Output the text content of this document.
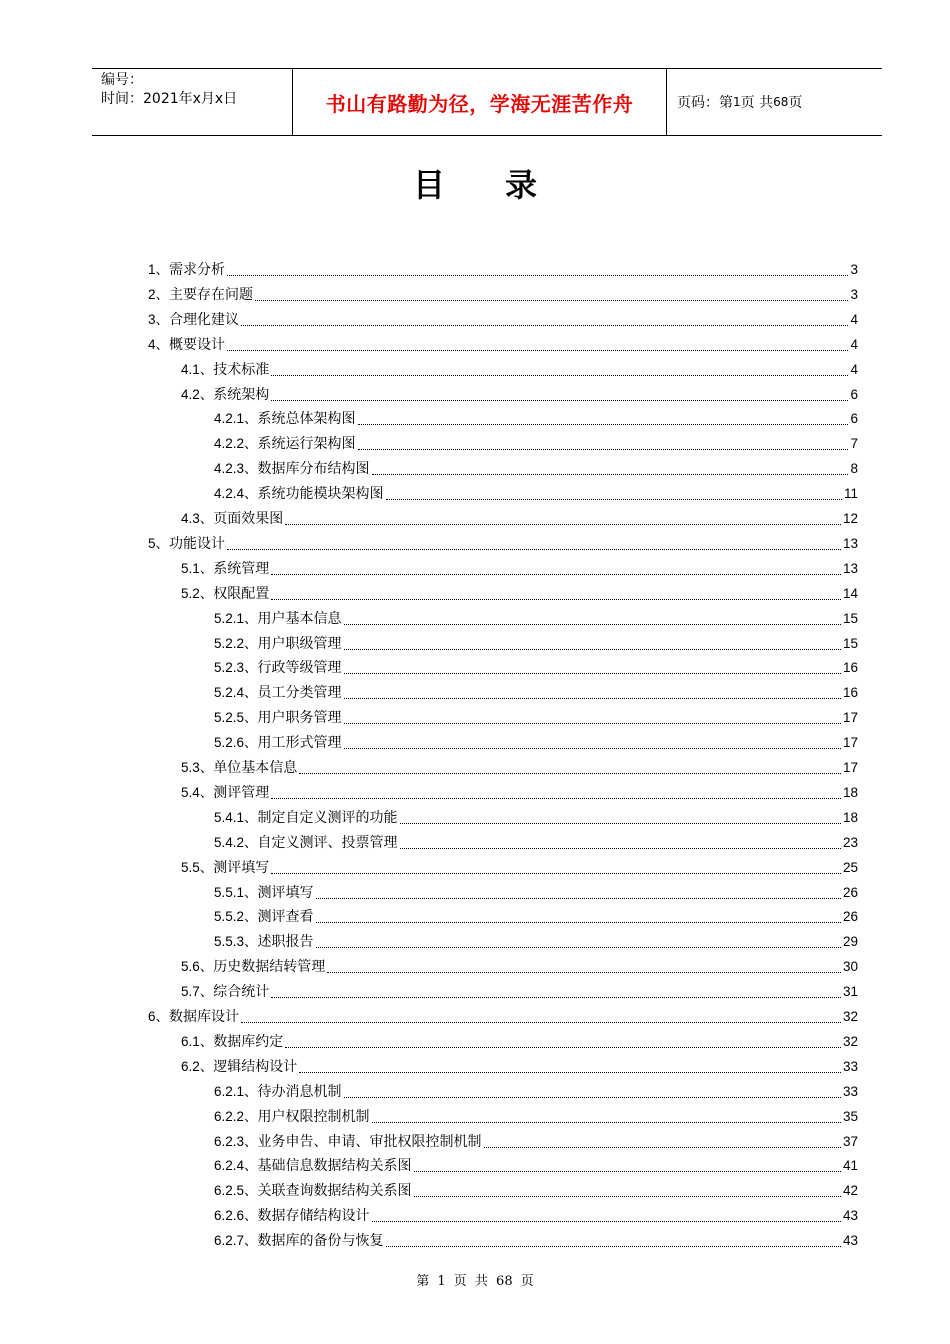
编号：
时间：2021年x月x日	书山有路勤为径，学海无涯苦作舟	页码：第 1 页 共 68 页
目录
1、 需求分析	3
2、 主要存在问题	3
3、 合理化建议	4
4、 概要设计	4
4.1、 技术标准	4
4.2、 系统架构	6
4.2.1、 系统总体架构图	6
4.2.2、 系统运行架构图	7
4.2.3、 数据库分布结构图	8
4.2.4、 系统功能模块架构图	11
4.3、 页面效果图	12
5、 功能设计	13
5.1、 系统管理	13
5.2、 权限配置	14
5.2.1、 用户基本信息	15
5.2.2、 用户职级管理	15
5.2.3、 行政等级管理	16
5.2.4、 员工分类管理	16
5.2.5、 用户职务管理	17
5.2.6、 用工形式管理	17
5.3、 单位基本信息	17
5.4、 测评管理	18
5.4.1、 制定自定义测评的功能	18
5.4.2、 自定义测评、投票管理	23
5.5、 测评填写	25
5.5.1、 测评填写	26
5.5.2、 测评查看	26
5.5.3、 述职报告	29
5.6、 历史数据结转管理	30
5.7、 综合统计	31
6、 数据库设计	32
6.1、 数据库约定	32
6.2、 逻辑结构设计	33
6.2.1、 待办消息机制	33
6.2.2、 用户权限控制机制	35
6.2.3、 业务申告、申请、审批权限控制机制	37
6.2.4、 基础信息数据结构关系图	41
6.2.5、 关联查询数据结构关系图	42
6.2.6、 数据存储结构设计	43
6.2.7、 数据库的备份与恢复	43
第 1 页 共 68 页
